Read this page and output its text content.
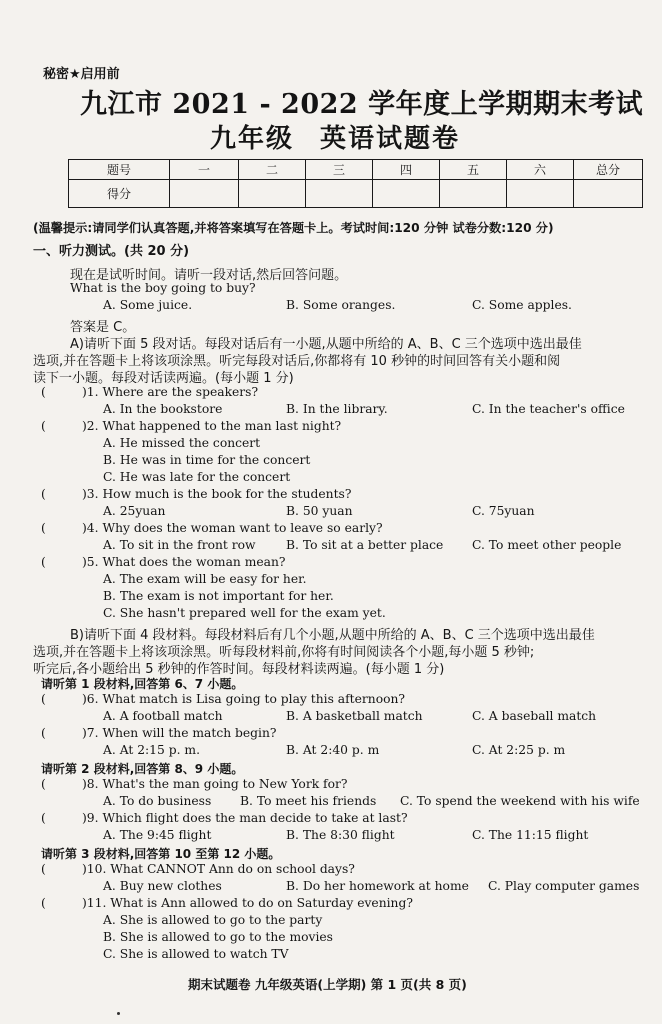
秘密★启用前
九江市 2021 - 2022 学年度上学期期末考试
九年级 英语试题卷
题号	一	二	三	四	五	六	总分
得分							
(温馨提示:请同学们认真答题,并将答案填写在答题卡上。考试时间:120 分钟 试卷分数:120 分)
一、听力测试。(共 20 分)
现在是试听时间。请听一段对话,然后回答问题。
What is the boy going to buy?
A. Some juice.	B. Some oranges.	C. Some apples.
答案是 C。
A)请听下面 5 段对话。每段对话后有一小题,从题中所给的 A、B、C 三个选项中选出最佳
选项,并在答题卡上将该项涂黑。听完每段对话后,你都将有 10 秒钟的时间回答有关小题和阅
读下一小题。每段对话读两遍。(每小题 1 分)
(	)1. Where are the speakers?
A. In the bookstore	B. In the library.	C. In the teacher's office
(	)2. What happened to the man last night?
A. He missed the concert
B. He was in time for the concert
C. He was late for the concert
(	)3. How much is the book for the students?
A. 25yuan	B. 50 yuan	C. 75yuan
(	)4. Why does the woman want to leave so early?
A. To sit in the front row B. To sit at a better place C. To meet other people
(	)5. What does the woman mean?
A. The exam will be easy for her.
B. The exam is not important for her.
C. She hasn't prepared well for the exam yet.
B)请听下面 4 段材料。每段材料后有几个小题,从题中所给的 A、B、C 三个选项中选出最佳
选项,并在答题卡上将该项涂黑。听每段材料前,你将有时间阅读各个小题,每小题 5 秒钟;
听完后,各小题给出 5 秒钟的作答时间。每段材料读两遍。(每小题 1 分)
请听第 1 段材料,回答第 6、7 小题。
(	)6. What match is Lisa going to play this afternoon?
A. A football match	B. A basketball match	C. A baseball match
(	)7. When will the match begin?
A. At 2:15 p. m.	B. At 2:40 p. m	C. At 2:25 p. m
请听第 2 段材料,回答第 8、9 小题。
(	)8. What's the man going to New York for?
A. To do business B. To meet his friends C. To spend the weekend with his wife
(	)9. Which flight does the man decide to take at last?
A. The 9:45 flight	B. The 8:30 flight	C. The 11:15 flight
请听第 3 段材料,回答第 10 至第 12 小题。
(	)10. What CANNOT Ann do on school days?
A. Buy new clothes	B. Do her homework at home C. Play computer games
(	)11. What is Ann allowed to do on Saturday evening?
A. She is allowed to go to the party
B. She is allowed to go to the movies
C. She is allowed to watch TV
期末试题卷 九年级英语(上学期) 第 1 页(共 8 页)
